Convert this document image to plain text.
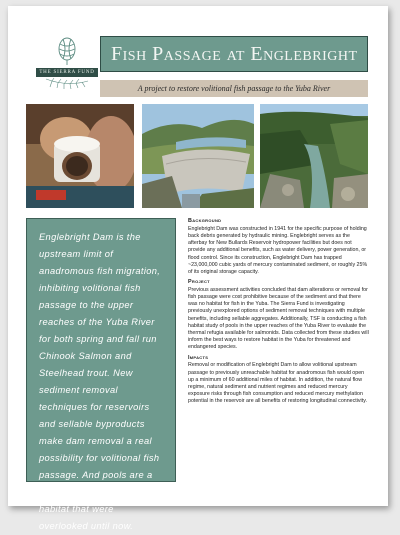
THE SIERRA FUND
Fish Passage at Englebright
A project to restore volitional fish passage to the Yuba River

Englebright Dam is the upstream limit of anadromous fish migration, inhibiting volitional fish passage to the upper reaches of the Yuba River for both spring and fall run Chinook Salmon and Steelhead trout. New sediment removal techniques for reservoirs and sellable byproducts make dam removal a real possibility for volitional fish passage. And pools are a critical component of fish habitat that were overlooked until now.

Background

Englebright Dam was constructed in 1941 for the specific purpose of holding back debris generated by hydraulic mining. Englebright serves as the afterbay for New Bullards Reservoir hydropower facilities but does not provide any additional benefits, such as water delivery, power generation, or flood control. Since its construction, Englebright Dam has trapped ~23,000,000 cubic yards of mercury contaminated sediment, or roughly 25% of its original storage capacity.

Project

Previous assessment activities concluded that dam alterations or removal for fish passage were cost prohibitive because of the sediment and that there was no habitat for fish in the Yuba. The Sierra Fund is investigating previously unexplored options of sediment removal techniques with multiple benefits, including sellable aggregates. Additionally, TSF is conducting a fish habitat study of pools in the upper reaches of the Yuba River to evaluate the thermal refugia available for salmonids. Data collected from these studies will inform the best ways to restore habitat in the Yuba for threatened and endangered species.

Impacts

Removal or modification of Englebright Dam to allow volitional upstream passage to previously unreachable habitat for anadromous fish would open up a minimum of 60 additional miles of habitat. In addition, the natural flow regime, natural sediment and nutrient regimes and reduced mercury exposure risks through fish consumption and reduced mercury methylation potential in the reservoir are all benefits of restoring longitudinal connectivity.
